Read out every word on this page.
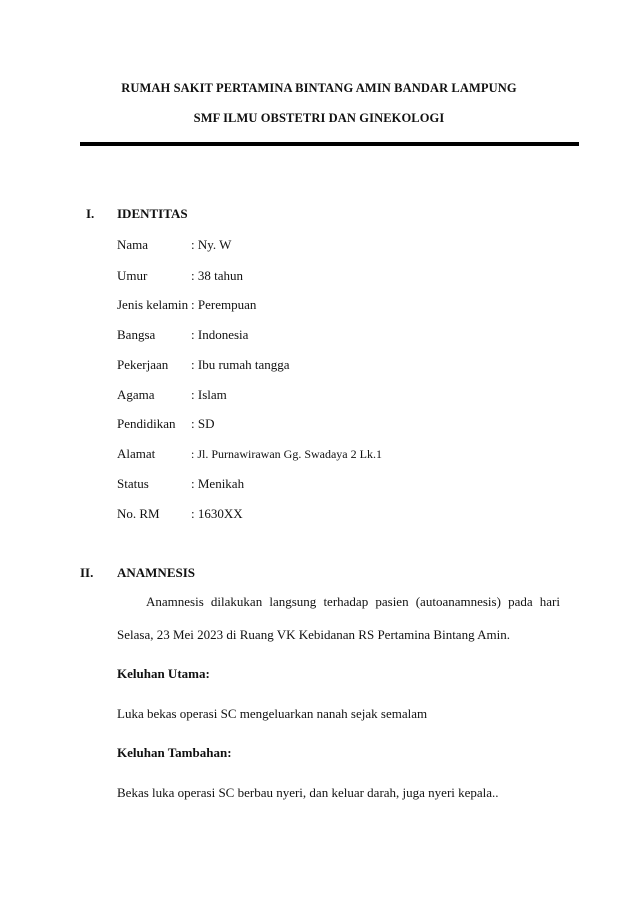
RUMAH SAKIT PERTAMINA BINTANG AMIN BANDAR LAMPUNG
SMF ILMU OBSTETRI DAN GINEKOLOGI
I. IDENTITAS
Nama	: Ny. W
Umur	: 38 tahun
Jenis kelamin : Perempuan
Bangsa	: Indonesia
Pekerjaan : Ibu rumah tangga
Agama	: Islam
Pendidikan : SD
Alamat	: Jl. Purnawirawan Gg. Swadaya 2 Lk.1
Status	: Menikah
No. RM : 1630XX
II. ANAMNESIS
Anamnesis dilakukan langsung terhadap pasien (autoanamnesis) pada hari
Selasa, 23 Mei 2023 di Ruang VK Kebidanan RS Pertamina Bintang Amin.
Keluhan Utama:
Luka bekas operasi SC mengeluarkan nanah sejak semalam
Keluhan Tambahan:
Bekas luka operasi SC berbau nyeri, dan keluar darah, juga nyeri kepala..
